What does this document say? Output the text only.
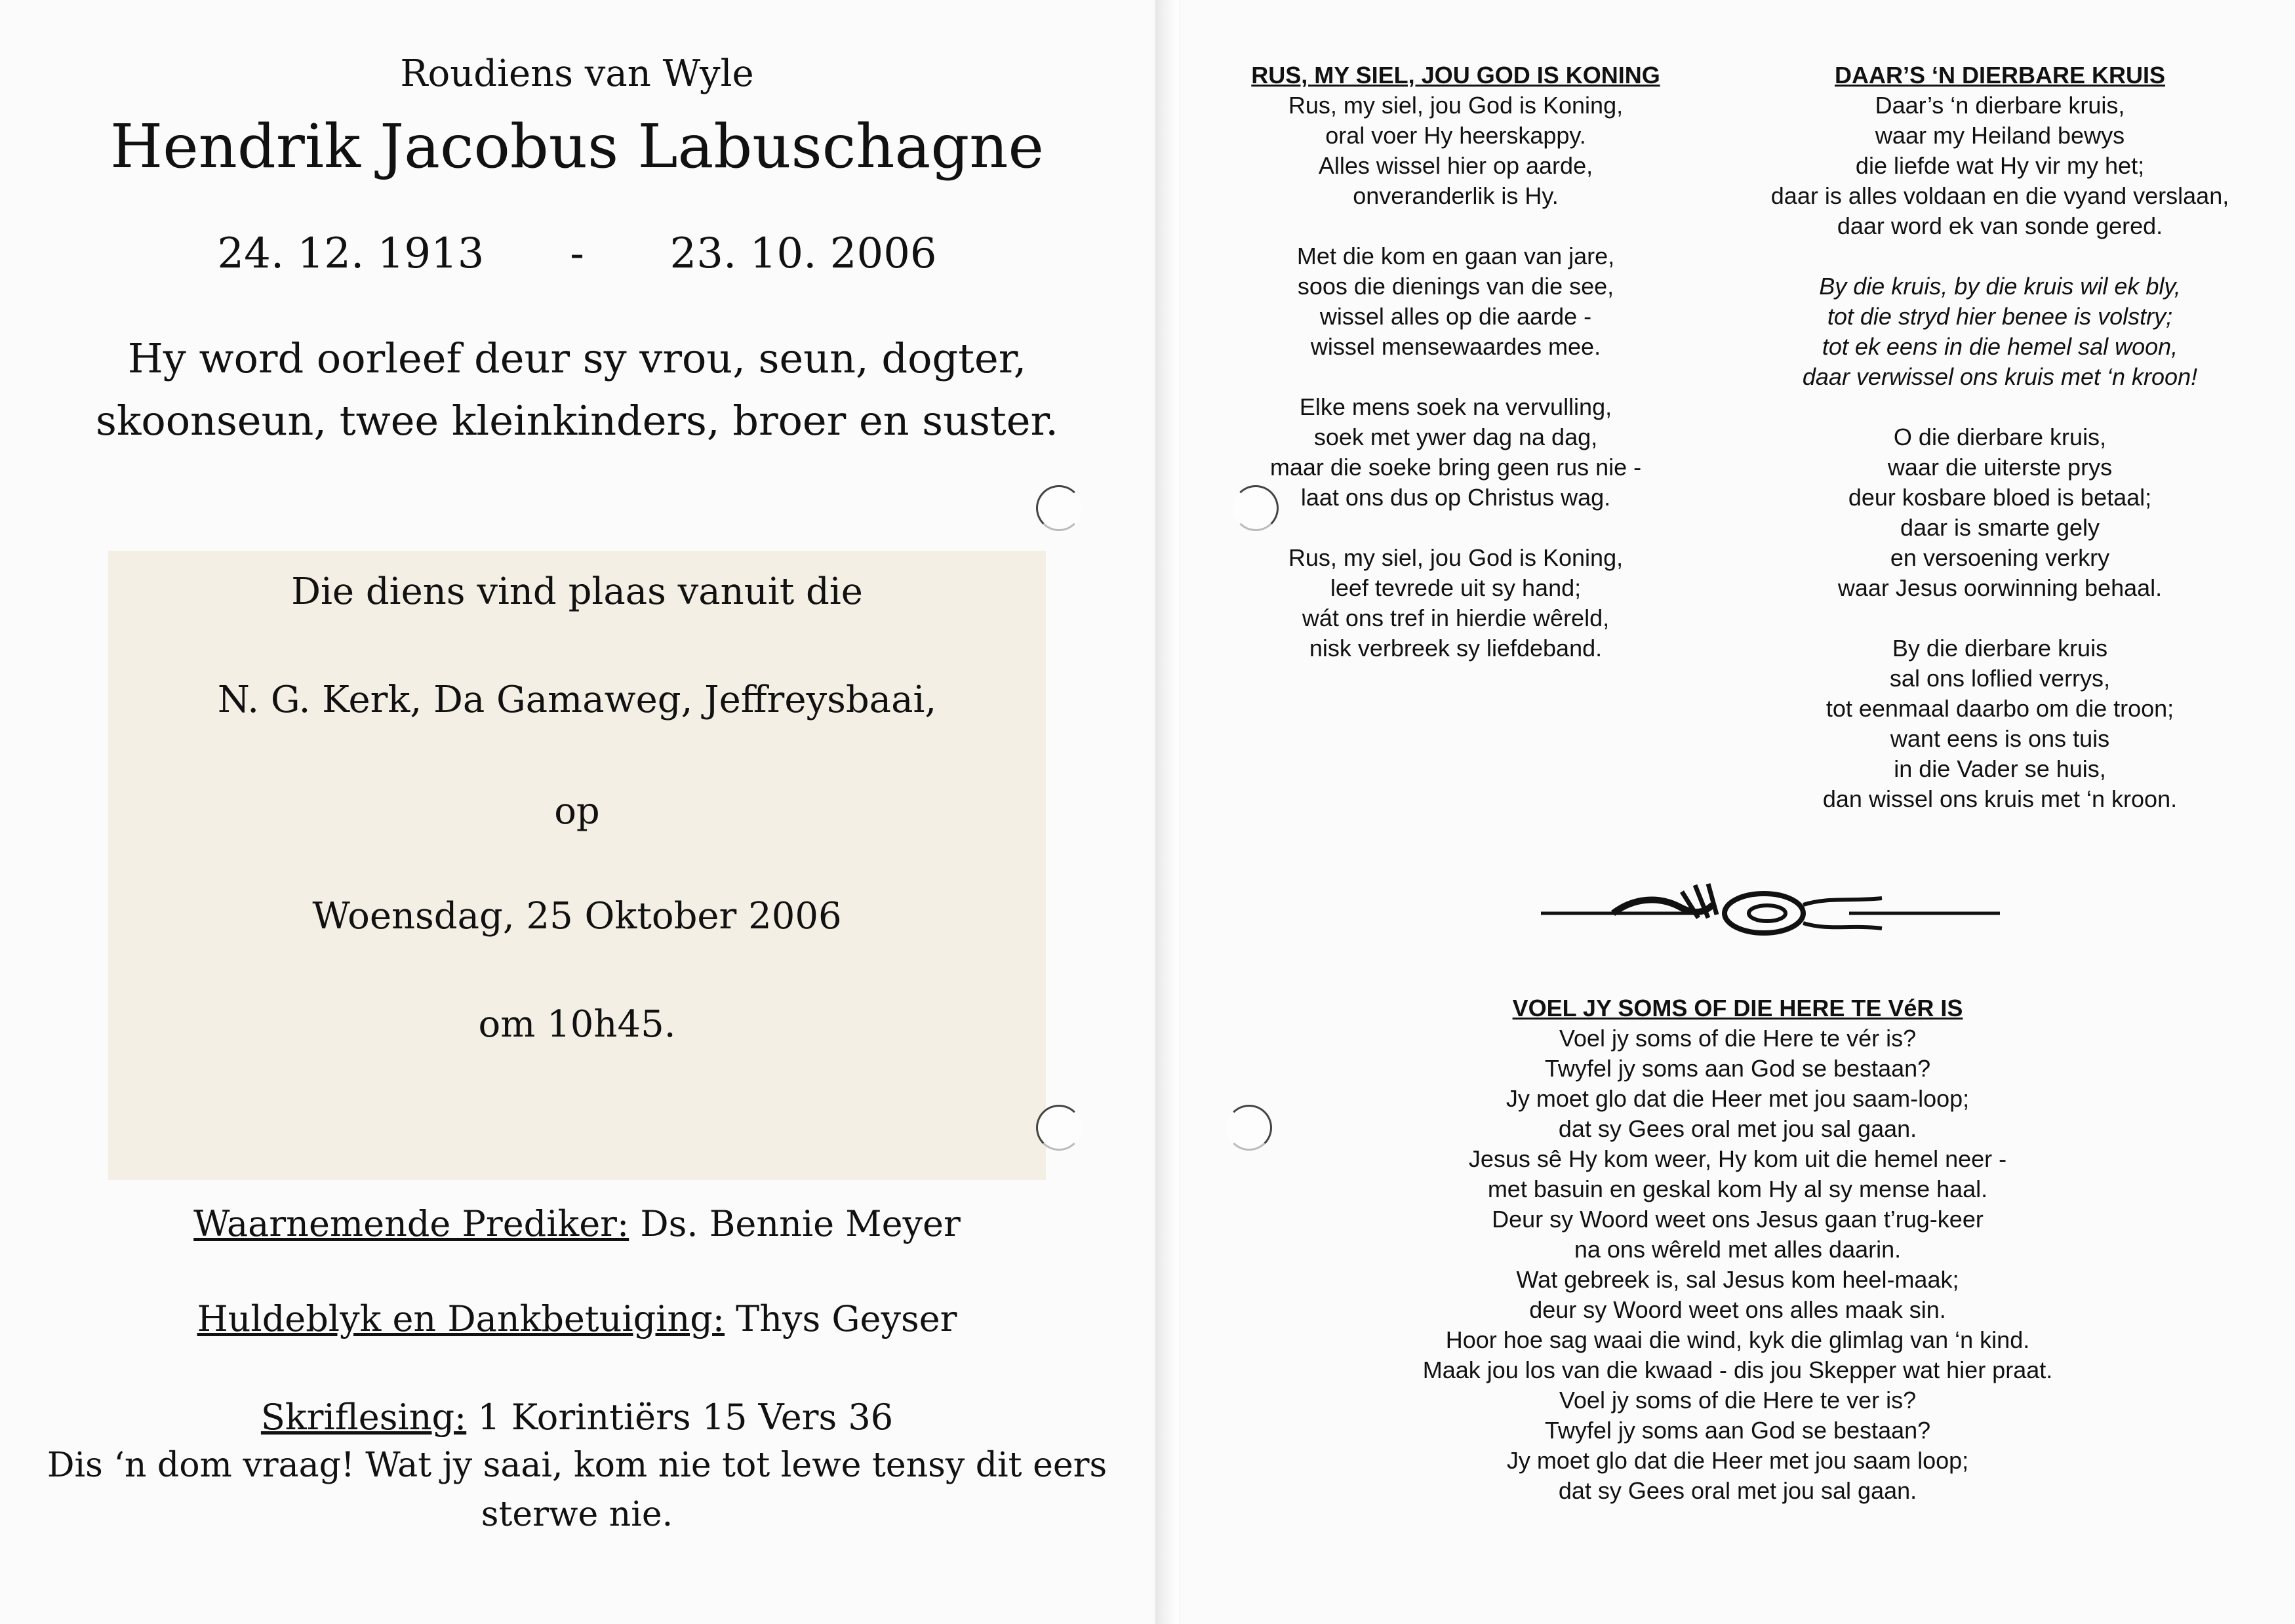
Roudiens van Wyle
Hendrik Jacobus Labuschagne
24. 12. 1913 - 23. 10. 2006
Hy word oorleef deur sy vrou, seun, dogter,
skoonseun, twee kleinkinders, broer en suster.
Die diens vind plaas vanuit die
N. G. Kerk, Da Gamaweg, Jeffreysbaai,
op
Woensdag, 25 Oktober 2006
om 10h45.
Waarnemende Prediker: Ds. Bennie Meyer
Huldeblyk en Dankbetuiging: Thys Geyser
Skriflesing: 1 Korintiërs 15 Vers 36
Dis ‘n dom vraag! Wat jy saai, kom nie tot lewe tensy dit eers
sterwe nie.
RUS, MY SIEL, JOU GOD IS KONING
Rus, my siel, jou God is Koning,
oral voer Hy heerskappy.
Alles wissel hier op aarde,
onveranderlik is Hy.
Met die kom en gaan van jare,
soos die dienings van die see,
wissel alles op die aarde -
wissel mensewaardes mee.
Elke mens soek na vervulling,
soek met ywer dag na dag,
maar die soeke bring geen rus nie -
laat ons dus op Christus wag.
Rus, my siel, jou God is Koning,
leef tevrede uit sy hand;
wát ons tref in hierdie wêreld,
nisk verbreek sy liefdeband.
DAAR’S ‘N DIERBARE KRUIS
Daar’s ‘n dierbare kruis,
waar my Heiland bewys
die liefde wat Hy vir my het;
daar is alles voldaan en die vyand verslaan,
daar word ek van sonde gered.
By die kruis, by die kruis wil ek bly,
tot die stryd hier benee is volstry;
tot ek eens in die hemel sal woon,
daar verwissel ons kruis met ‘n kroon!
O die dierbare kruis,
waar die uiterste prys
deur kosbare bloed is betaal;
daar is smarte gely
en versoening verkry
waar Jesus oorwinning behaal.
By die dierbare kruis
sal ons loflied verrys,
tot eenmaal daarbo om die troon;
want eens is ons tuis
in die Vader se huis,
dan wissel ons kruis met ‘n kroon.
VOEL JY SOMS OF DIE HERE TE VéR IS
Voel jy soms of die Here te vér is?
Twyfel jy soms aan God se bestaan?
Jy moet glo dat die Heer met jou saam-loop;
dat sy Gees oral met jou sal gaan.
Jesus sê Hy kom weer, Hy kom uit die hemel neer -
met basuin en geskal kom Hy al sy mense haal.
Deur sy Woord weet ons Jesus gaan t’rug-keer
na ons wêreld met alles daarin.
Wat gebreek is, sal Jesus kom heel-maak;
deur sy Woord weet ons alles maak sin.
Hoor hoe sag waai die wind, kyk die glimlag van ‘n kind.
Maak jou los van die kwaad - dis jou Skepper wat hier praat.
Voel jy soms of die Here te ver is?
Twyfel jy soms aan God se bestaan?
Jy moet glo dat die Heer met jou saam loop;
dat sy Gees oral met jou sal gaan.
